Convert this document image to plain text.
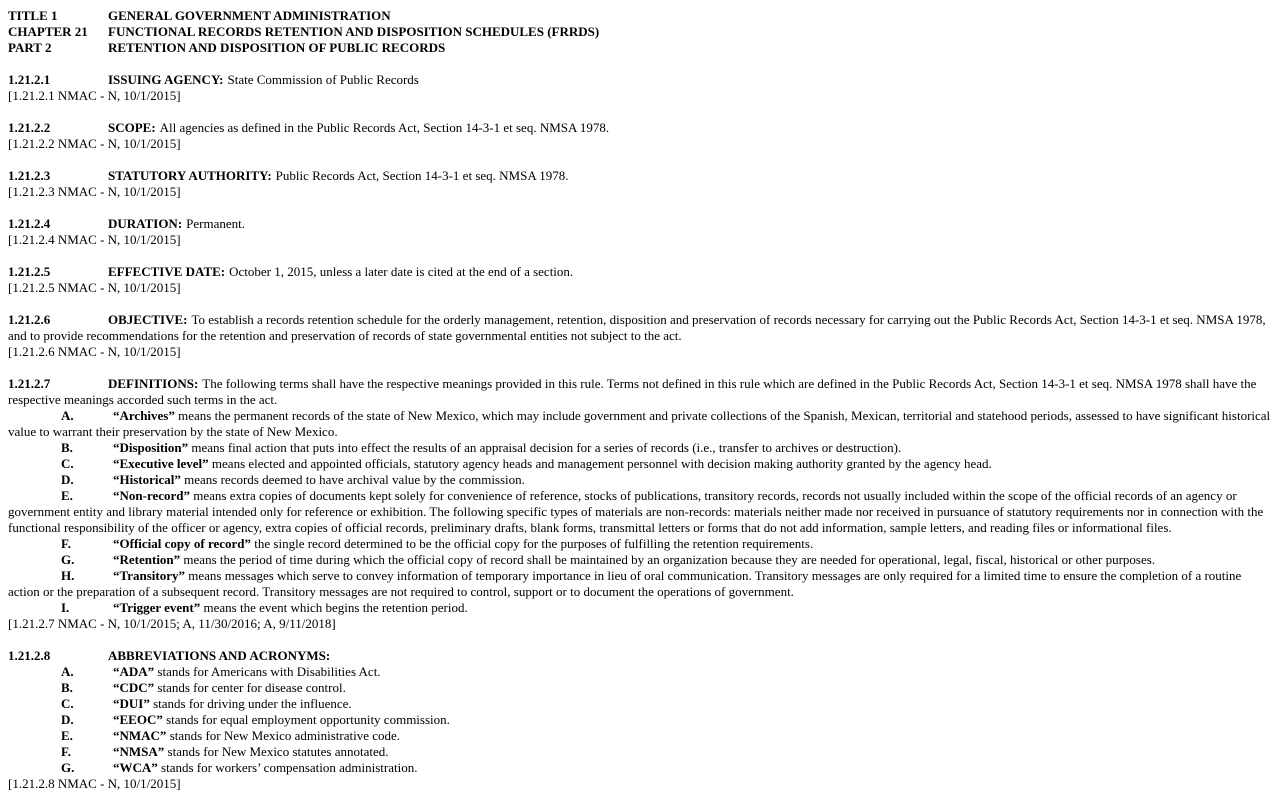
TITLE 1	GENERAL GOVERNMENT ADMINISTRATION
CHAPTER 21	FUNCTIONAL RECORDS RETENTION AND DISPOSITION SCHEDULES (FRRDS)
PART 2	RETENTION AND DISPOSITION OF PUBLIC RECORDS
1.21.2.1	ISSUING AGENCY: State Commission of Public Records
[1.21.2.1 NMAC - N, 10/1/2015]
1.21.2.2	SCOPE: All agencies as defined in the Public Records Act, Section 14-3-1 et seq. NMSA 1978.
[1.21.2.2 NMAC - N, 10/1/2015]
1.21.2.3	STATUTORY AUTHORITY: Public Records Act, Section 14-3-1 et seq. NMSA 1978.
[1.21.2.3 NMAC - N, 10/1/2015]
1.21.2.4	DURATION: Permanent.
[1.21.2.4 NMAC - N, 10/1/2015]
1.21.2.5	EFFECTIVE DATE: October 1, 2015, unless a later date is cited at the end of a section.
[1.21.2.5 NMAC - N, 10/1/2015]
1.21.2.6	OBJECTIVE: To establish a records retention schedule for the orderly management, retention, disposition and preservation of records necessary for carrying out the Public Records Act, Section 14-3-1 et seq. NMSA 1978, and to provide recommendations for the retention and preservation of records of state governmental entities not subject to the act.
[1.21.2.6 NMAC - N, 10/1/2015]
1.21.2.7	DEFINITIONS: The following terms shall have the respective meanings provided in this rule. Terms not defined in this rule which are defined in the Public Records Act, Section 14-3-1 et seq. NMSA 1978 shall have the respective meanings accorded such terms in the act.
A.	“Archives” means the permanent records of the state of New Mexico, which may include government and private collections of the Spanish, Mexican, territorial and statehood periods, assessed to have significant historical value to warrant their preservation by the state of New Mexico.
B.	“Disposition” means final action that puts into effect the results of an appraisal decision for a series of records (i.e., transfer to archives or destruction).
C.	“Executive level” means elected and appointed officials, statutory agency heads and management personnel with decision making authority granted by the agency head.
D.	“Historical” means records deemed to have archival value by the commission.
E.	“Non-record” means extra copies of documents kept solely for convenience of reference, stocks of publications, transitory records, records not usually included within the scope of the official records of an agency or government entity and library material intended only for reference or exhibition. The following specific types of materials are non-records: materials neither made nor received in pursuance of statutory requirements nor in connection with the functional responsibility of the officer or agency, extra copies of official records, preliminary drafts, blank forms, transmittal letters or forms that do not add information, sample letters, and reading files or informational files.
F.	“Official copy of record” the single record determined to be the official copy for the purposes of fulfilling the retention requirements.
G.	“Retention” means the period of time during which the official copy of record shall be maintained by an organization because they are needed for operational, legal, fiscal, historical or other purposes.
H.	“Transitory” means messages which serve to convey information of temporary importance in lieu of oral communication. Transitory messages are only required for a limited time to ensure the completion of a routine action or the preparation of a subsequent record. Transitory messages are not required to control, support or to document the operations of government.
I.	“Trigger event” means the event which begins the retention period.
[1.21.2.7 NMAC - N, 10/1/2015; A, 11/30/2016; A, 9/11/2018]
1.21.2.8	ABBREVIATIONS AND ACRONYMS:
A.	“ADA” stands for Americans with Disabilities Act.
B.	“CDC” stands for center for disease control.
C.	“DUI” stands for driving under the influence.
D.	“EEOC” stands for equal employment opportunity commission.
E.	“NMAC” stands for New Mexico administrative code.
F.	“NMSA” stands for New Mexico statutes annotated.
G.	“WCA” stands for workers’ compensation administration.
[1.21.2.8 NMAC - N, 10/1/2015]
